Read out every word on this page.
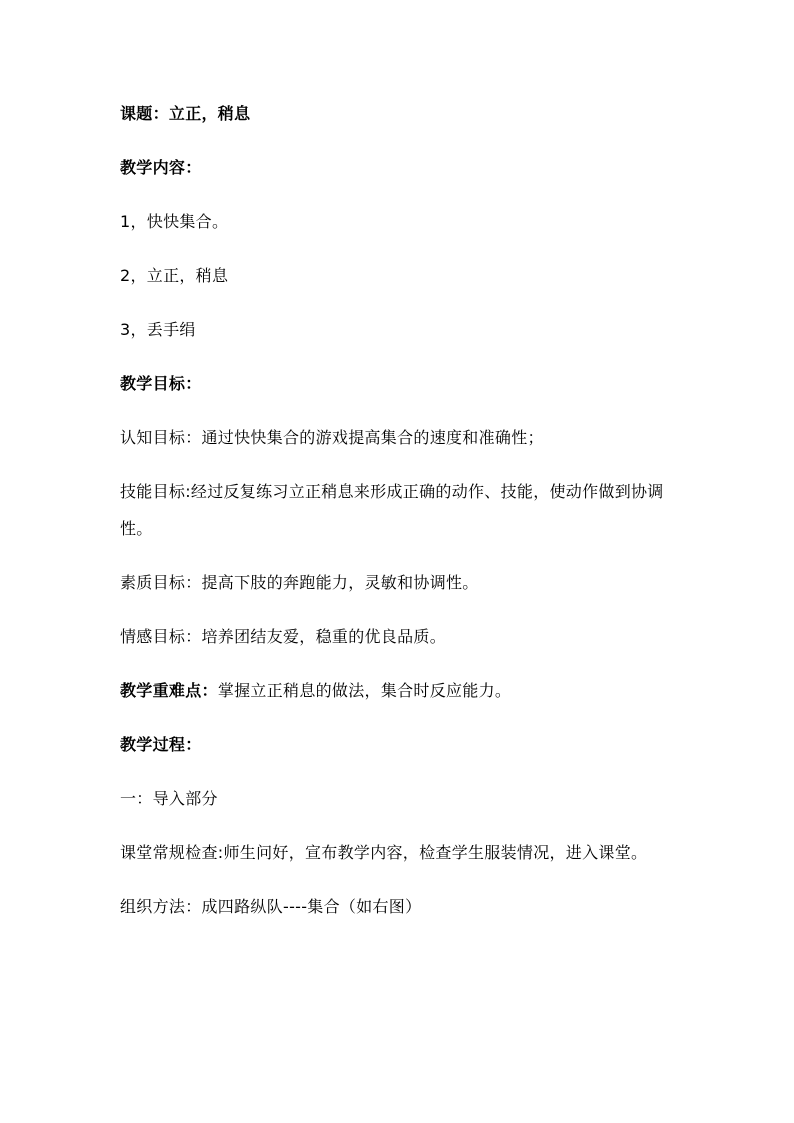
课题：立正，稍息

教学内容：

1，快快集合。

2，立正，稍息

3，丢手绢

教学目标：

认知目标：通过快快集合的游戏提高集合的速度和准确性；

技能目标:经过反复练习立正稍息来形成正确的动作、技能，使动作做到协调性。

素质目标：提高下肢的奔跑能力，灵敏和协调性。

情感目标：培养团结友爱，稳重的优良品质。

教学重难点：掌握立正稍息的做法，集合时反应能力。

教学过程：

一：导入部分

课堂常规检查:师生问好，宣布教学内容，检查学生服装情况，进入课堂。

组织方法：成四路纵队----集合（如右图）
